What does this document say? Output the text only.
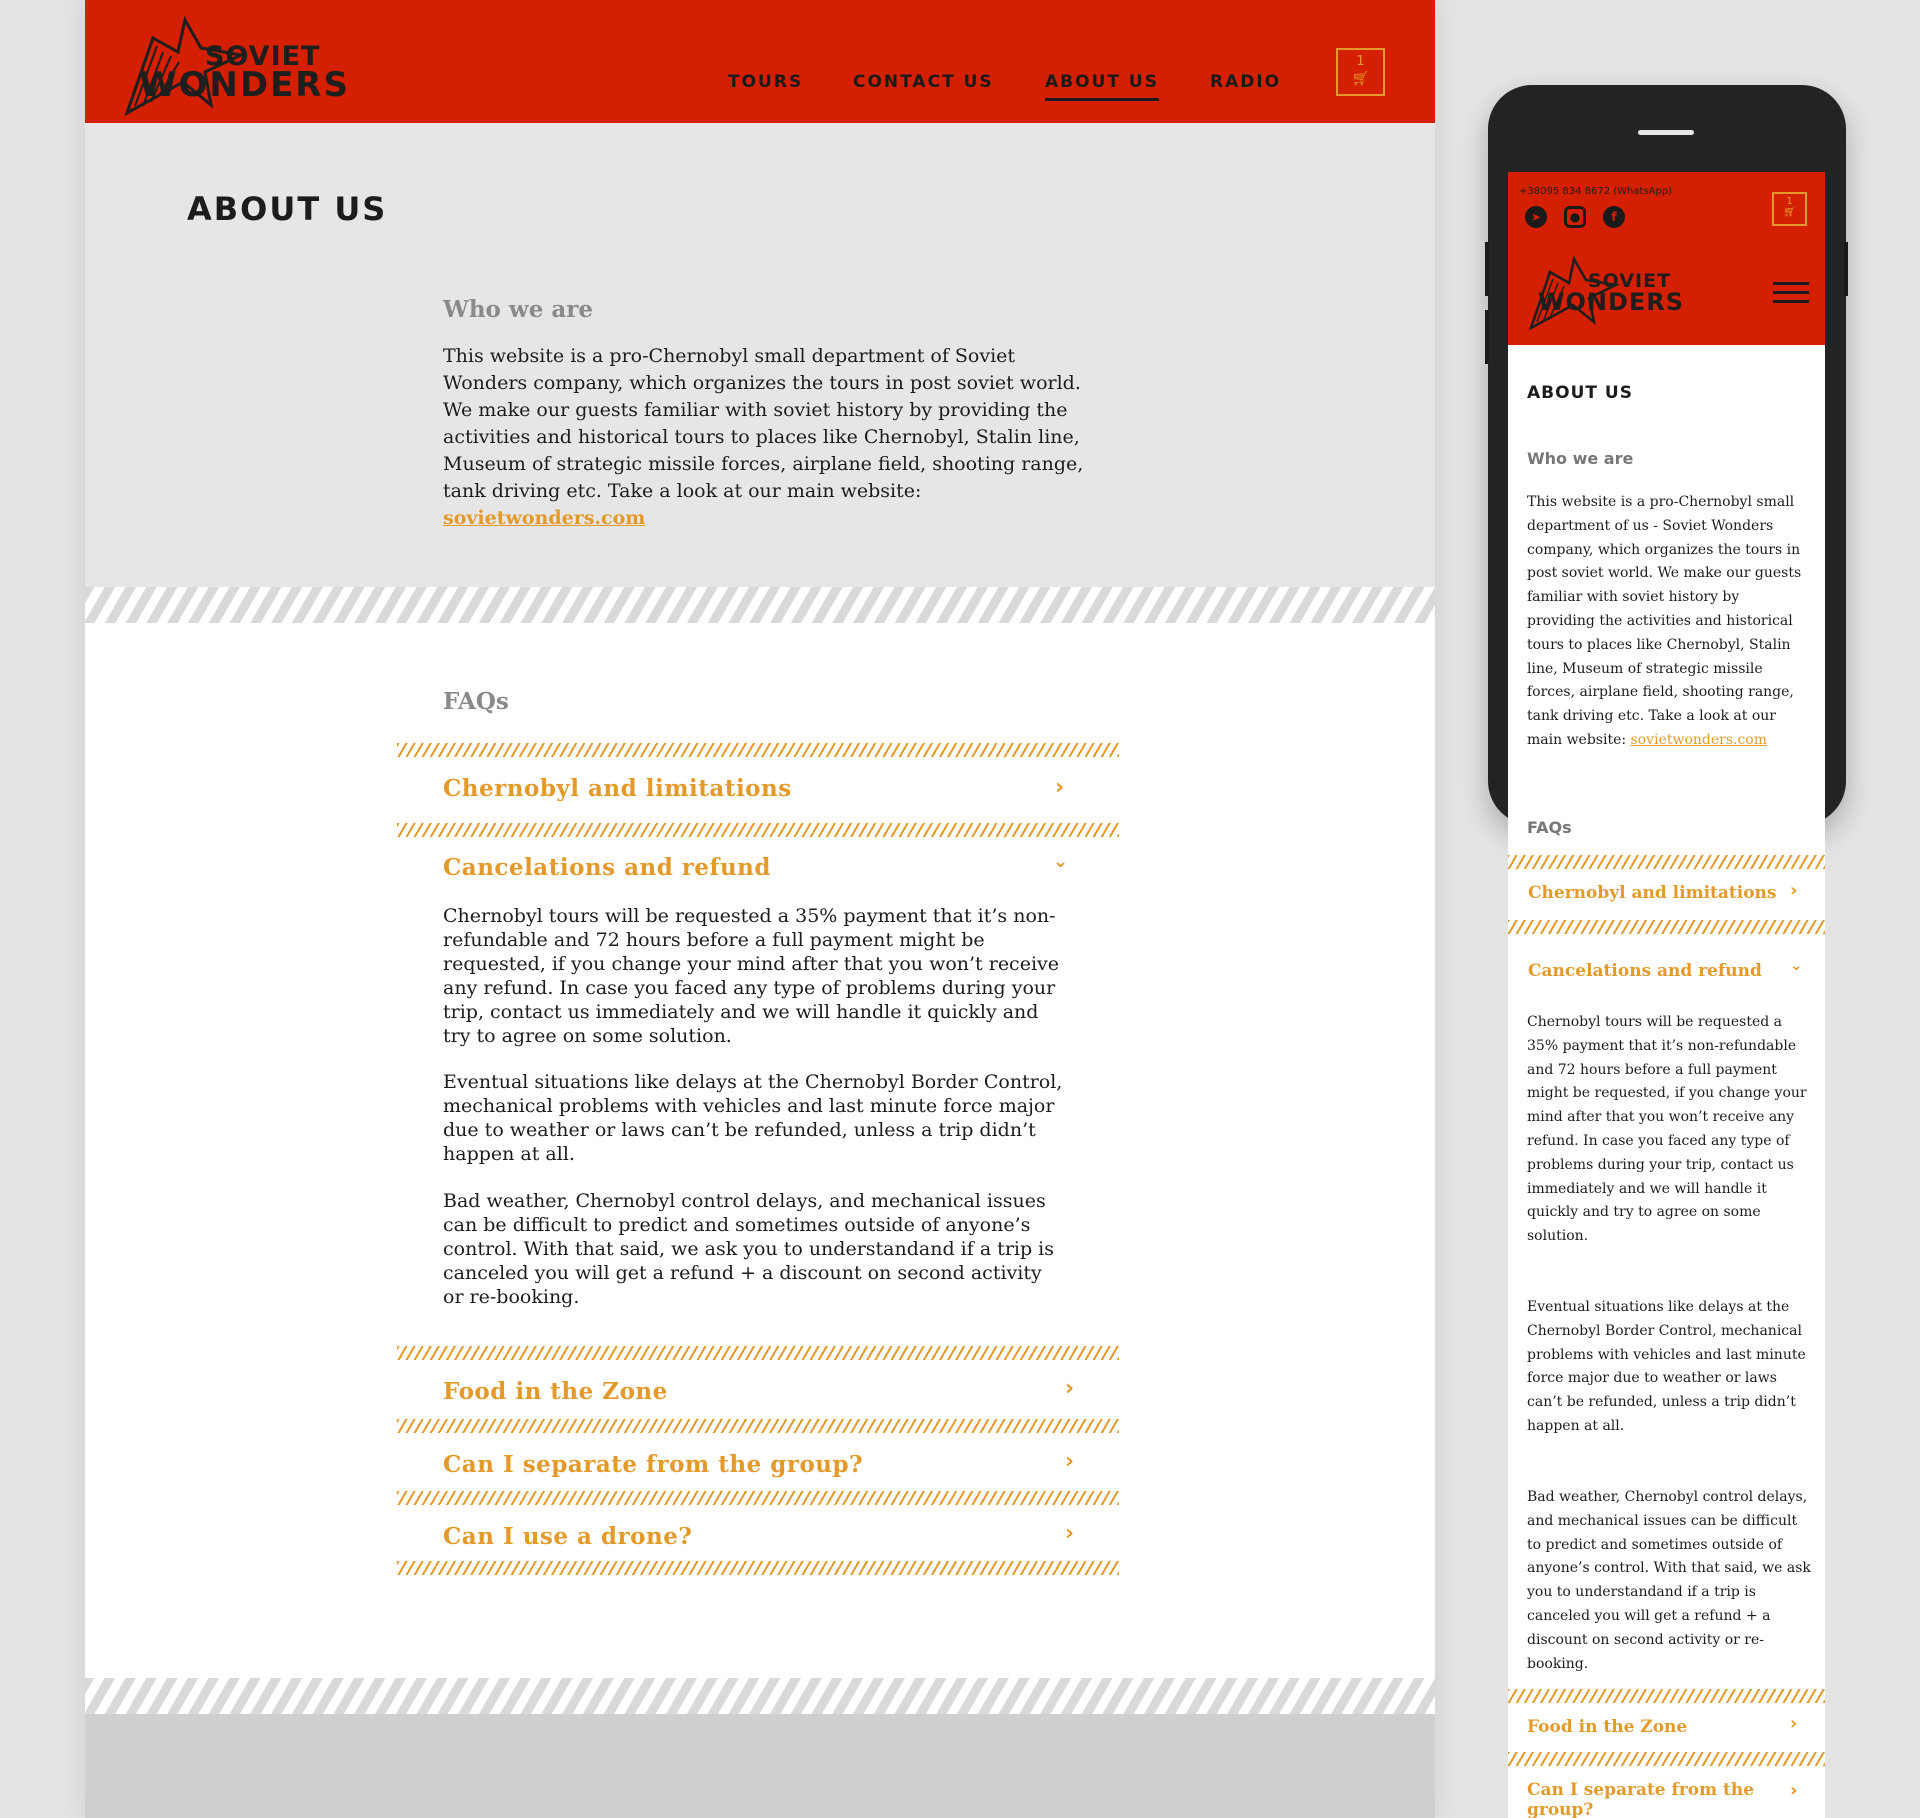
SOVIET
WONDERS	TOURS	CONTACT US	ABOUT US	RADIO
1
🛒︎
ABOUT US
Who we are

This website is a pro-Chernobyl small department of Soviet Wonders company, which organizes the tours in post soviet world. We make our guests familiar with soviet history by providing the activities and historical tours to places like Chernobyl, Stalin line, Museum of strategic missile forces, airplane field, shooting range, tank driving etc. Take a look at our main website: sovietwonders.com

FAQs
Chernobyl and limitations	›
Cancelations and refund	⌄

Chernobyl tours will be requested a 35% payment that it’s non-refundable and 72 hours before a full payment might be requested, if you change your mind after that you won’t receive any refund. In case you faced any type of problems during your trip, contact us immediately and we will handle it quickly and try to agree on some solution.

Eventual situations like delays at the Chernobyl Border Control, mechanical problems with vehicles and last minute force major due to weather or laws can’t be refunded, unless a trip didn’t happen at all.

Bad weather, Chernobyl control delays, and mechanical issues can be difficult to predict and sometimes outside of anyone’s control. With that said, we ask you to understandand if a trip is canceled you will get a refund + a discount on second activity or re-booking.

Food in the Zone	›
Can I separate from the group?	›
Can I use a drone?	›
+38095 834 8672 (WhatsApp)
➤	●	f
1
🛒︎
SOVIET
WONDERS
ABOUT US
Who we are

This website is a pro-Chernobyl small department of us - Soviet Wonders company, which organizes the tours in post soviet world. We make our guests familiar with soviet history by providing the activities and historical tours to places like Chernobyl, Stalin line, Museum of strategic missile forces, airplane field, shooting range, tank driving etc. Take a look at our main website: sovietwonders.com

FAQs
Chernobyl and limitations ›
Cancelations and refund ⌄

Chernobyl tours will be requested a 35% payment that it’s non-refundable and 72 hours before a full payment might be requested, if you change your mind after that you won’t receive any refund. In case you faced any type of problems during your trip, contact us immediately and we will handle it quickly and try to agree on some solution.

Eventual situations like delays at the Chernobyl Border Control, mechanical problems with vehicles and last minute force major due to weather or laws can’t be refunded, unless a trip didn’t happen at all.

Bad weather, Chernobyl control delays, and mechanical issues can be difficult to predict and sometimes outside of anyone’s control. With that said, we ask you to understandand if a trip is canceled you will get a refund + a discount on second activity or re-booking.

Food in the Zone	›
Can I separate from the group?
›
